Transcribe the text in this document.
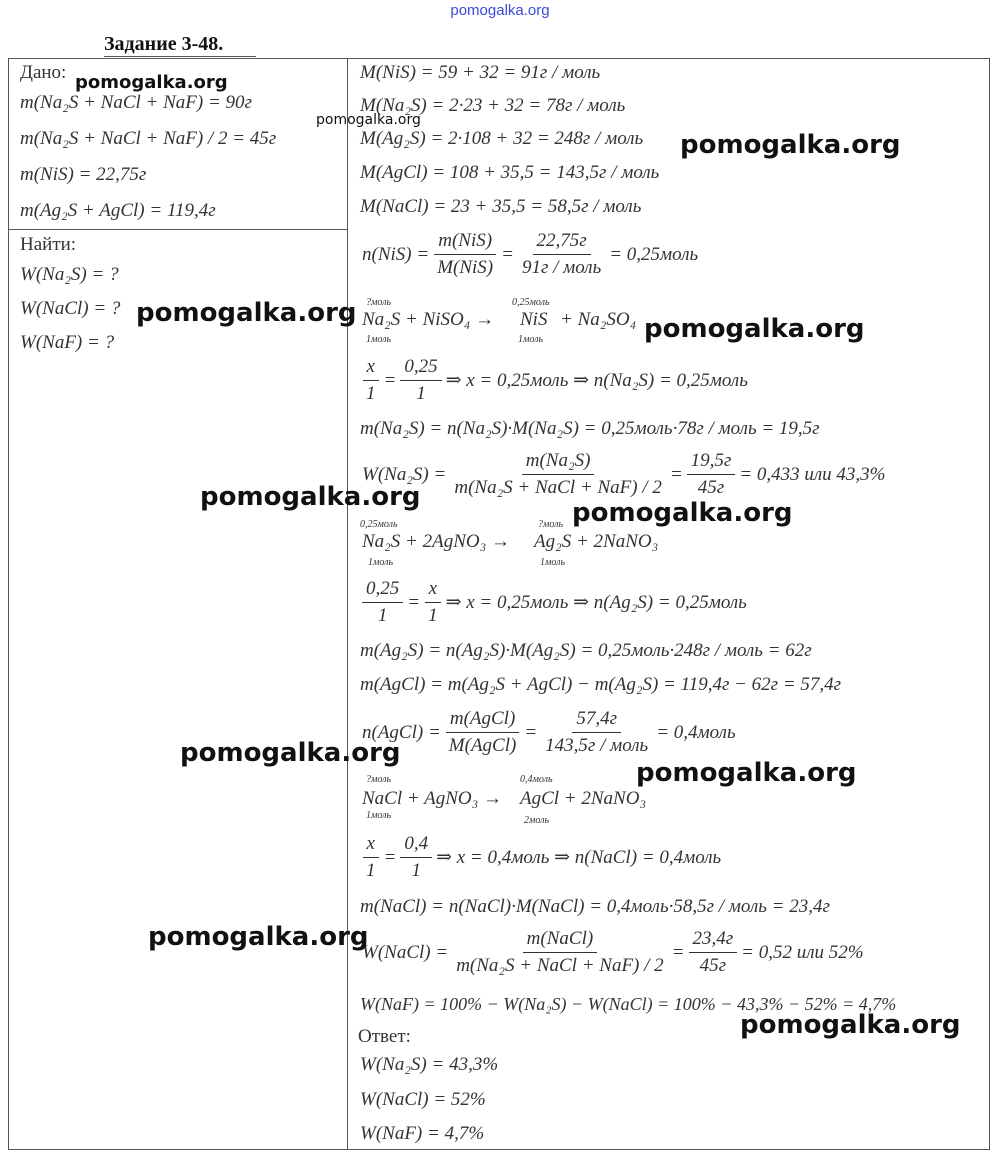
pomogalka.org
Задание 3-48.
Дано:
m(Na₂S + NaCl + NaF) = 90г
m(Na₂S + NaCl + NaF) / 2 = 45г
m(NiS) = 22,75г
m(Ag₂S + AgCl) = 119,4г
Найти:
W(Na₂S) = ?
W(NaCl) = ?
W(NaF) = ?
M(NiS) = 59 + 32 = 91г / моль
M(Na₂S) = 2·23 + 32 = 78г / моль
M(Ag₂S) = 2·108 + 32 = 248г / моль
M(AgCl) = 108 + 35,5 = 143,5г / моль
M(NaCl) = 23 + 35,5 = 58,5г / моль
$n(NiS) = \frac{\text{m(NiS)}}{\text{M(NiS)}} = \frac{22,75г}{\text{91г / моль}}$ = 0,25моль
?моль
1моль
0,25моль
1моль
Na₂S + NiSO₄ → NiS + Na₂SO₄
$\frac{x}{1} = \frac{0,25}{1}$ ⇒ x = 0,25моль ⇒ n(Na₂S) = 0,25моль
m(Na₂S) = n(Na₂S)·M(Na₂S) = 0,25моль·78г / моль = 19,5г
$W(Na_2S) = \frac{\text{m(Na₂S)}}{\text{m(Na₂S + NaCl + NaF) / 2}} = \frac{19,5г}{45г} = 0,433$ или 43,3%
0,25моль
1моль
?моль
1моль
Na₂S + 2AgNO₃ → Ag₂S + 2NaNO₃
$\frac{0,25}{1} = \frac{x}{1}$ ⇒ x = 0,25моль ⇒ n(Ag₂S) = 0,25моль
m(Ag₂S) = n(Ag₂S)·M(Ag₂S) = 0,25моль·248г / моль = 62г
m(AgCl) = m(Ag₂S + AgCl) − m(Ag₂S) = 119,4г − 62г = 57,4г
n(AgCl) = $\frac{\text{m(AgCl)}}{\text{M(AgCl)}} = \frac{57,4г}{\text{143,5г / моль}}$ = 0,4моль
?моль
1моль
0,4моль
2моль
NaCl + AgNO₃ → AgCl + 2NaNO₃
$\frac{x}{1} = \frac{0,4}{1}$ ⇒ x = 0,4моль ⇒ n(NaCl) = 0,4моль
m(NaCl) = n(NaCl)·M(NaCl) = 0,4моль·58,5г / моль = 23,4г
W(NaCl) = $\frac{\text{m(NaCl)}}{\text{m(Na₂S + NaCl + NaF) / 2}} = \frac{23,4г}{45г} = 0,52$ или 52%
W(NaF) = 100% − W(Na₂S) − W(NaCl) = 100% − 43,3% − 52% = 4,7%
Ответ:
W(Na₂S) = 43,3%
W(NaCl) = 52%
W(NaF) = 4,7%
pomogalka.org
pomogalka.org
pomogalka.org
pomogalka.org
pomogalka.org
pomogalka.org
pomogalka.org
pomogalka.org
pomogalka.org
pomogalka.org
pomogalka.org
